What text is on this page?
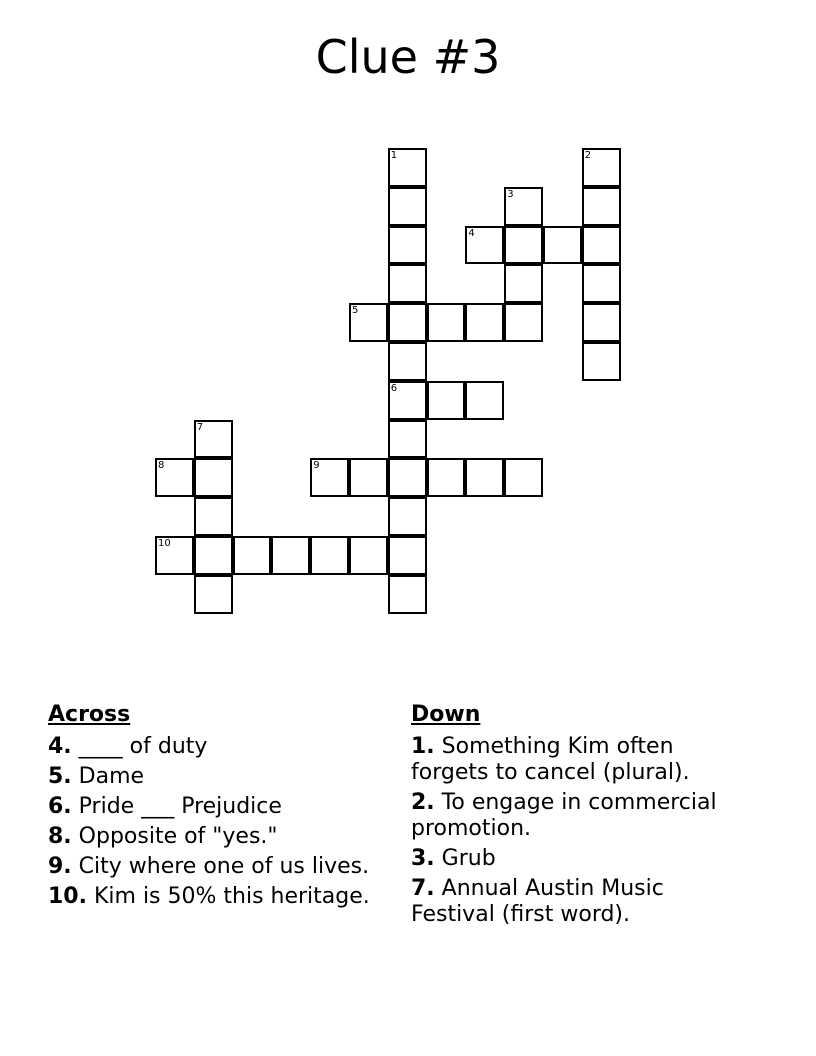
Clue #3
1
6
2
3
4
5
7
8	9
10
Across
4. ____ of duty
5. Dame
6. Pride ___ Prejudice
8. Opposite of "yes."
9. City where one of us lives.
10. Kim is 50% this heritage.
Down
1. Something Kim often forgets to cancel (plural).
2. To engage in commercial promotion.
3. Grub
7. Annual Austin Music Festival (first word).
